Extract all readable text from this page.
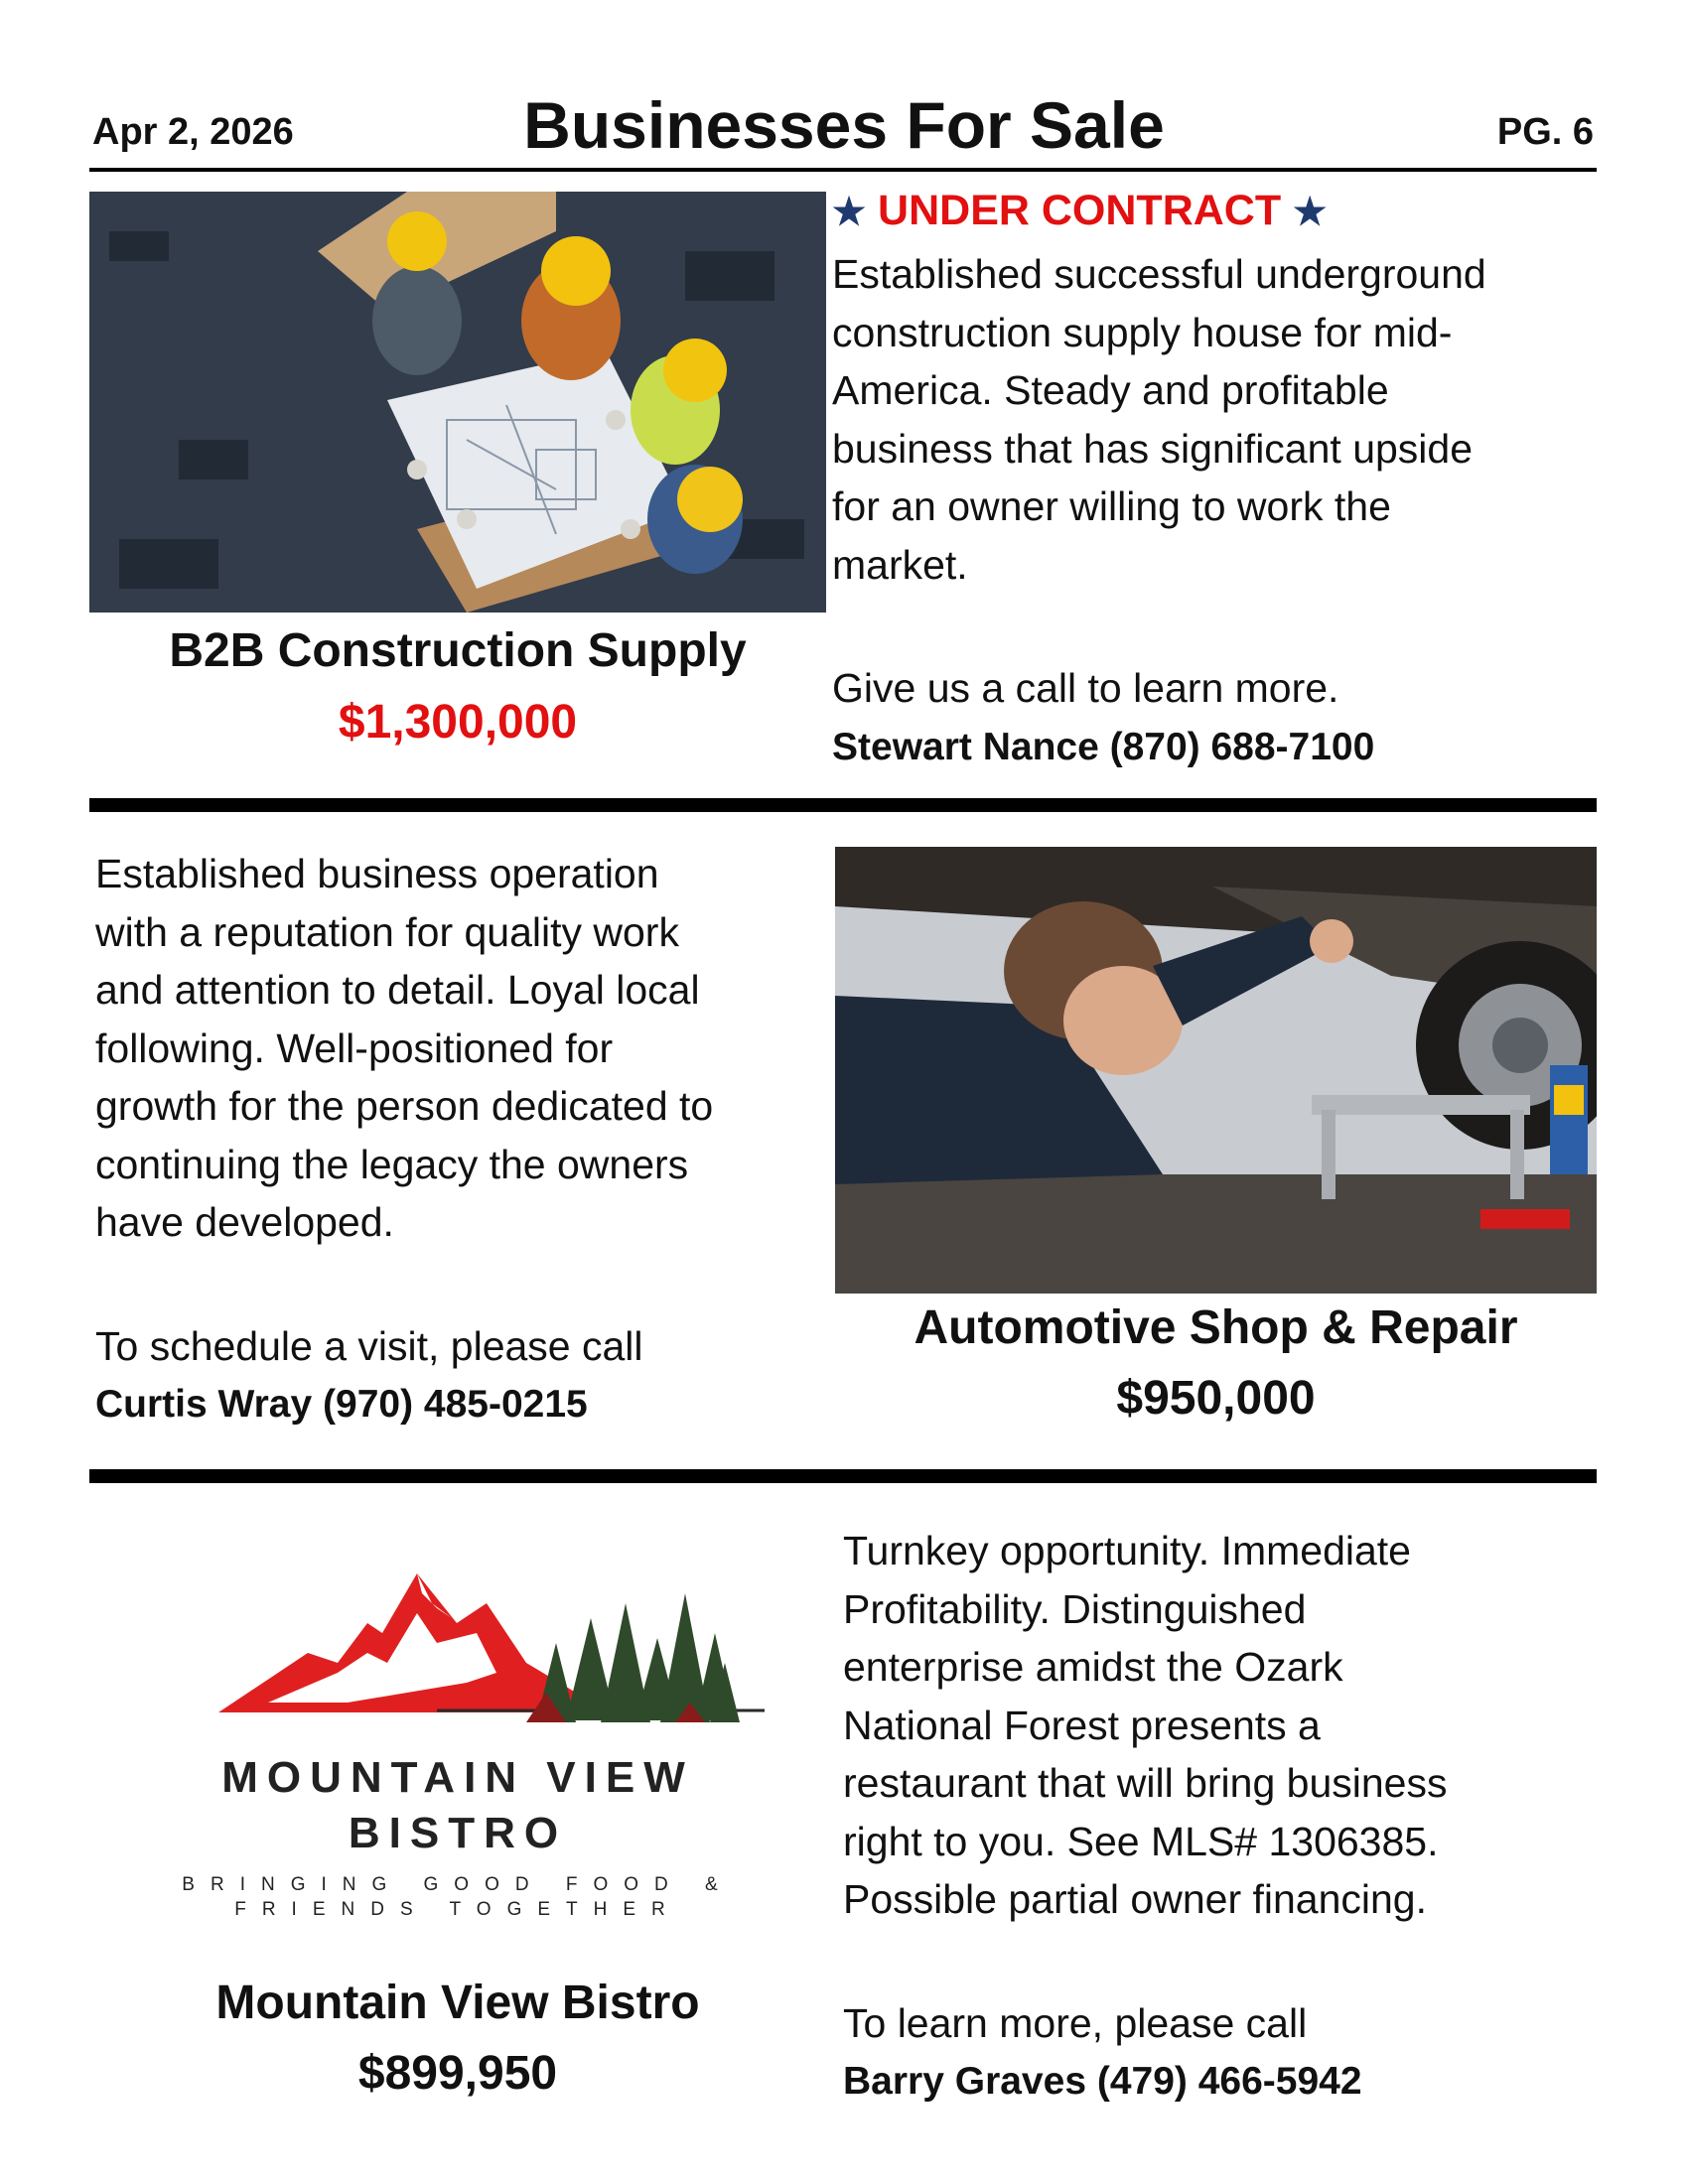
Businesses For Sale
Apr 2, 2026	PG. 6
B2B Construction Supply
$1,300,000
★ UNDER CONTRACT ★
Established successful underground
construction supply house for mid-
America. Steady and profitable
business that has significant upside
for an owner willing to work the
market.
Give us a call to learn more.
Stewart Nance (870) 688-7100
Established business operation
with a reputation for quality work
and attention to detail. Loyal local
following. Well-positioned for
growth for the person dedicated to
continuing the legacy the owners
have developed.
To schedule a visit, please call
Curtis Wray (970) 485-0215
Automotive Shop & Repair
$950,000
MOUNTAIN VIEW
BISTRO
BRINGING GOOD FOOD &
FRIENDS TOGETHER
Mountain View Bistro
$899,950
Turnkey opportunity. Immediate
Profitability. Distinguished
enterprise amidst the Ozark
National Forest presents a
restaurant that will bring business
right to you. See MLS# 1306385.
Possible partial owner financing.
To learn more, please call
Barry Graves (479) 466-5942
